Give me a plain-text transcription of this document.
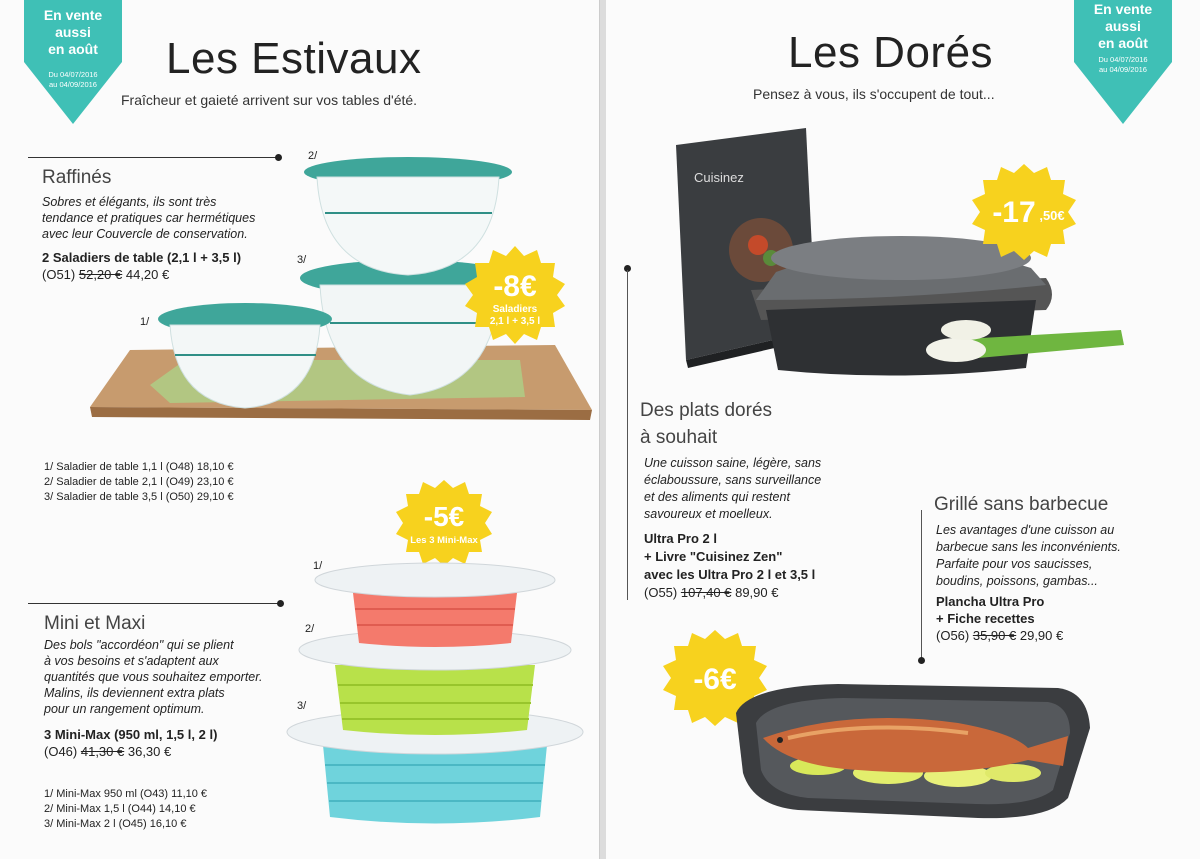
En vente
aussi
en août
Du 04/07/2016
au 04/09/2016
Les Estivaux
Fraîcheur et gaieté arrivent sur vos tables d'été.
Raffinés
Sobres et élégants, ils sont très
tendance et pratiques car hermétiques
avec leur Couvercle de conservation.
2 Saladiers de table (2,1 l + 3,5 l)
(O51) 52,20 € 44,20 €
2/
3/
1/
-8€
Saladiers
2,1 l + 3,5 l
1/ Saladier de table 1,1 l (O48) 18,10 €
2/ Saladier de table 2,1 l (O49) 23,10 €
3/ Saladier de table 3,5 l (O50) 29,10 €
-5€
Les 3 Mini-Max
Mini et Maxi
Des bols "accordéon" qui se plient
à vos besoins et s'adaptent aux
quantités que vous souhaitez emporter.
Malins, ils deviennent extra plats
pour un rangement optimum.
3 Mini-Max (950 ml, 1,5 l, 2 l)
(O46) 41,30 € 36,30 €
1/ Mini-Max 950 ml (O43) 11,10 €
2/ Mini-Max 1,5 l (O44) 14,10 €
3/ Mini-Max 2 l (O45) 16,10 €
1/
2/
3/
En vente
aussi
en août
Du 04/07/2016
au 04/09/2016
Les Dorés
Pensez à vous, ils s'occupent de tout...
Cuisinez
-17 ,50€
Des plats dorés
à souhait
Une cuisson saine, légère, sans
éclaboussure, sans surveillance
et des aliments qui restent
savoureux et moelleux.
Ultra Pro 2 l
+ Livre "Cuisinez Zen"
avec les Ultra Pro 2 l et 3,5 l
(O55) 107,40 € 89,90 €
Grillé sans barbecue
Les avantages d'une cuisson au
barbecue sans les inconvénients.
Parfaite pour vos saucisses,
boudins, poissons, gambas...
Plancha Ultra Pro
+ Fiche recettes
(O56) 35,90 € 29,90 €
-6€
